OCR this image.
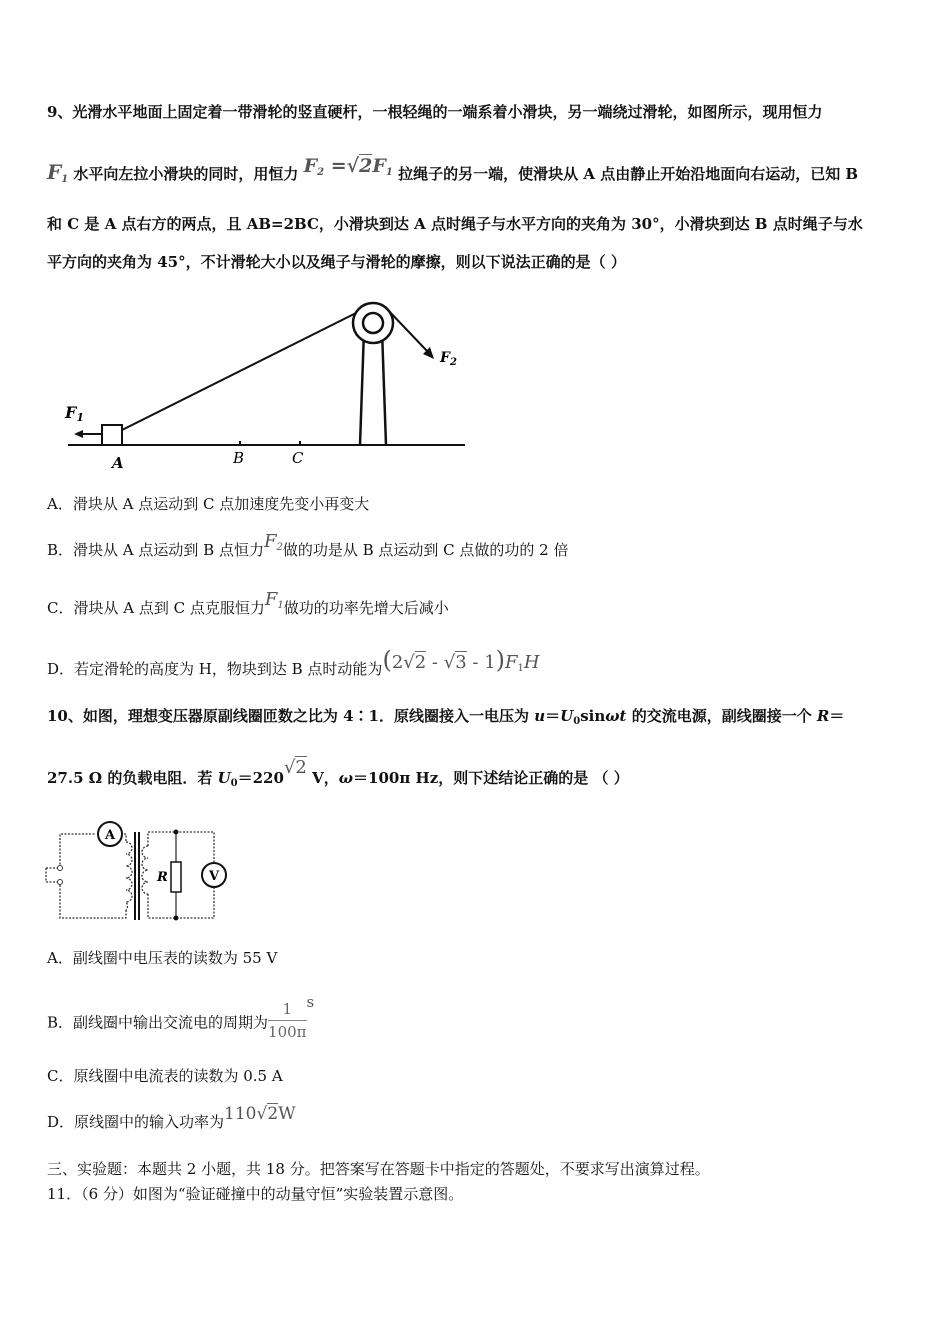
9、光滑水平地面上固定着一带滑轮的竖直硬杆，一根轻绳的一端系着小滑块，另一端绕过滑轮，如图所示，现用恒力
$F_1$ 水平向左拉小滑块的同时，用恒力 $F_2 =√2F_1$ 拉绳子的另一端，使滑块从 A 点由静止开始沿地面向右运动，已知 B
和 C 是 A 点右方的两点，且 AB=2BC，小滑块到达 A 点时绳子与水平方向的夹角为 30°，小滑块到达 B 点时绳子与水
平方向的夹角为 45°，不计滑轮大小以及绳子与滑轮的摩擦，则以下说法正确的是（ ）
F1
$F_2$
A	B	C
A．滑块从 A 点运动到 C 点加速度先变小再变大
B．滑块从 A 点运动到 B 点恒力$F_2$做的功是从 B 点运动到 C 点做的功的 2 倍
C．滑块从 A 点到 C 点克服恒力$F_1$做功的功率先增大后减小
D．若定滑轮的高度为 H，物块到达 B 点时动能为$(2√2 - √3 - 1)F_1H$
10、如图，理想变压器原副线圈匝数之比为 4∶1．原线圈接入一电压为 $u=U_0\sin\omega t$ 的交流电源，副线圈接一个 R＝
27.5 Ω 的负载电阻．若 $U_0=220√2$ V，ω＝100π Hz，则下述结论正确的是 （ ）
A
R	V
A．副线圈中电压表的读数为 55 V
B．副线圈中输出交流电的周期为 $\frac{1}{100\pi}$ s
C．原线圈中电流表的读数为 0.5 A
D．原线圈中的输入功率为110√2W
三、实验题：本题共 2 小题，共 18 分。把答案写在答题卡中指定的答题处，不要求写出演算过程。
11．（6 分）如图为“验证碰撞中的动量守恒”实验装置示意图。
